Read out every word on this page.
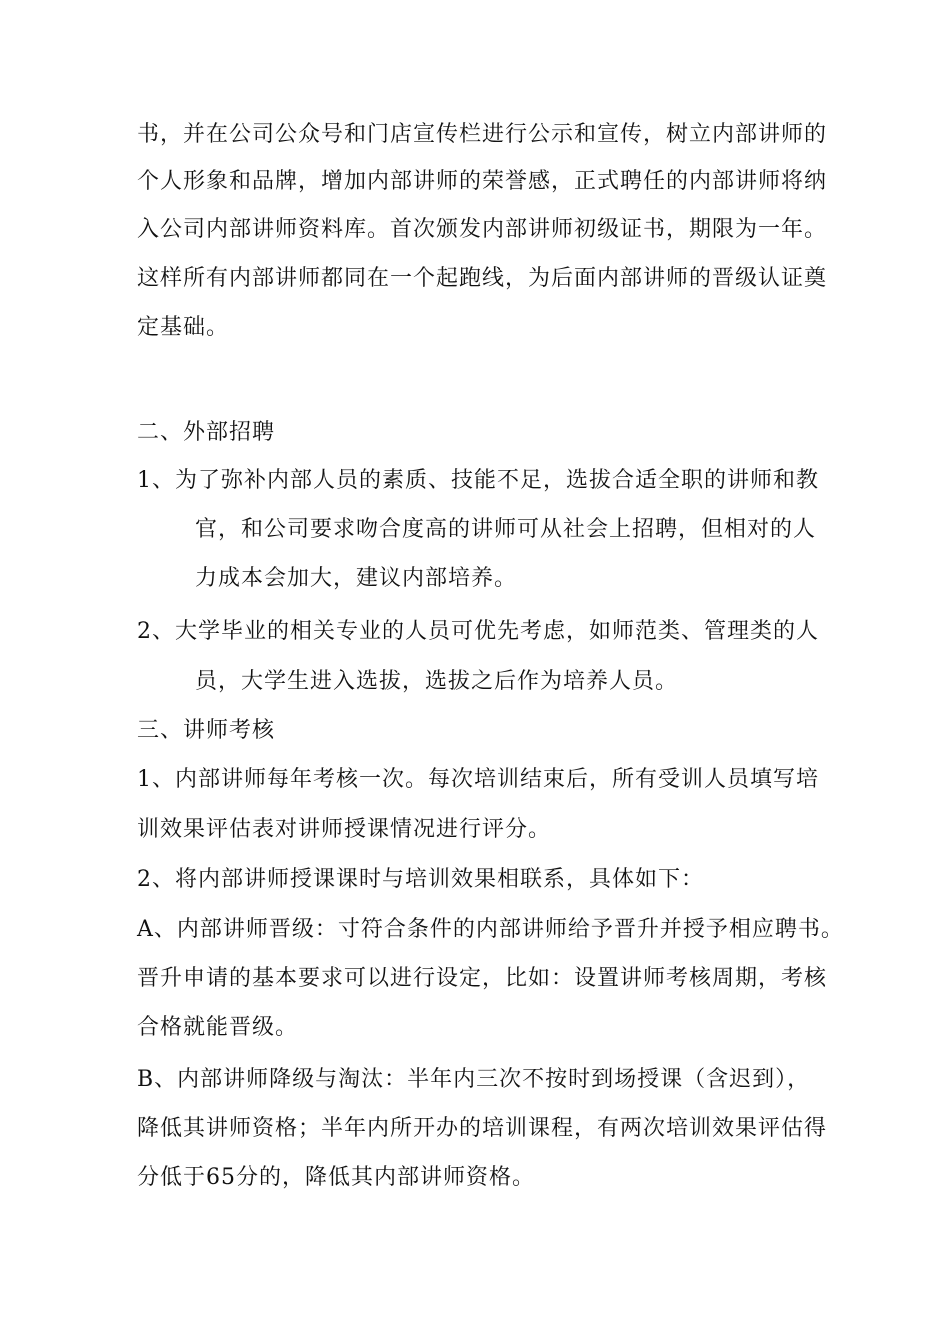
书，并在公司公众号和门店宣传栏进行公示和宣传，树立内部讲师的
个人形象和品牌，增加内部讲师的荣誉感，正式聘任的内部讲师将纳
入公司内部讲师资料库。首次颁发内部讲师初级证书，期限为一年。
这样所有内部讲师都同在一个起跑线，为后面内部讲师的晋级认证奠
定基础。
二、外部招聘
1、为了弥补内部人员的素质、技能不足，选拔合适全职的讲师和教
官，和公司要求吻合度高的讲师可从社会上招聘，但相对的人
力成本会加大，建议内部培养。
2、大学毕业的相关专业的人员可优先考虑，如师范类、管理类的人
员，大学生进入选拔，选拔之后作为培养人员。
三、讲师考核
1、内部讲师每年考核一次。每次培训结束后，所有受训人员填写培
训效果评估表对讲师授课情况进行评分。
2、将内部讲师授课课时与培训效果相联系，具体如下：
A、内部讲师晋级：寸符合条件的内部讲师给予晋升并授予相应聘书。
晋升申请的基本要求可以进行设定，比如：设置讲师考核周期，考核
合格就能晋级。
B、内部讲师降级与淘汰：半年内三次不按时到场授课（含迟到），
降低其讲师资格；半年内所开办的培训课程，有两次培训效果评估得
分低于65分的，降低其内部讲师资格。
